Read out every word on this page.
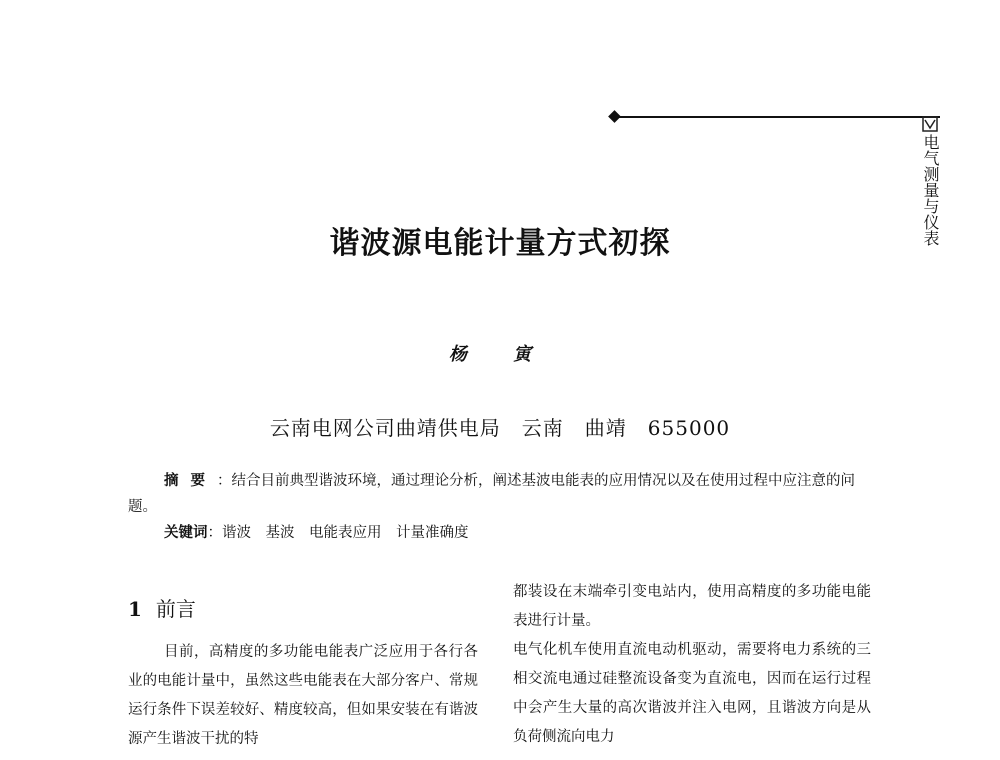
电气测量与仪表
谐波源电能计量方式初探
杨 寅
云南电网公司曲靖供电局　云南　曲靖　655000

摘要：结合目前典型谐波环境，通过理论分析，阐述基波电能表的应用情况以及在使用过程中应注意的问题。

关键词：谐波　基波　电能表应用　计量准确度

1 前言

目前，高精度的多功能电能表广泛应用于各行各业的电能计量中，虽然这些电能表在大部分客户、常规运行条件下误差较好、精度较高，但如果安装在有谐波源产生谐波干扰的特

都装设在末端牵引变电站内，使用高精度的多功能电能表进行计量。

电气化机车使用直流电动机驱动，需要将电力系统的三相交流电通过硅整流设备变为直流电，因而在运行过程中会产生大量的高次谐波并注入电网，且谐波方向是从负荷侧流向电力
